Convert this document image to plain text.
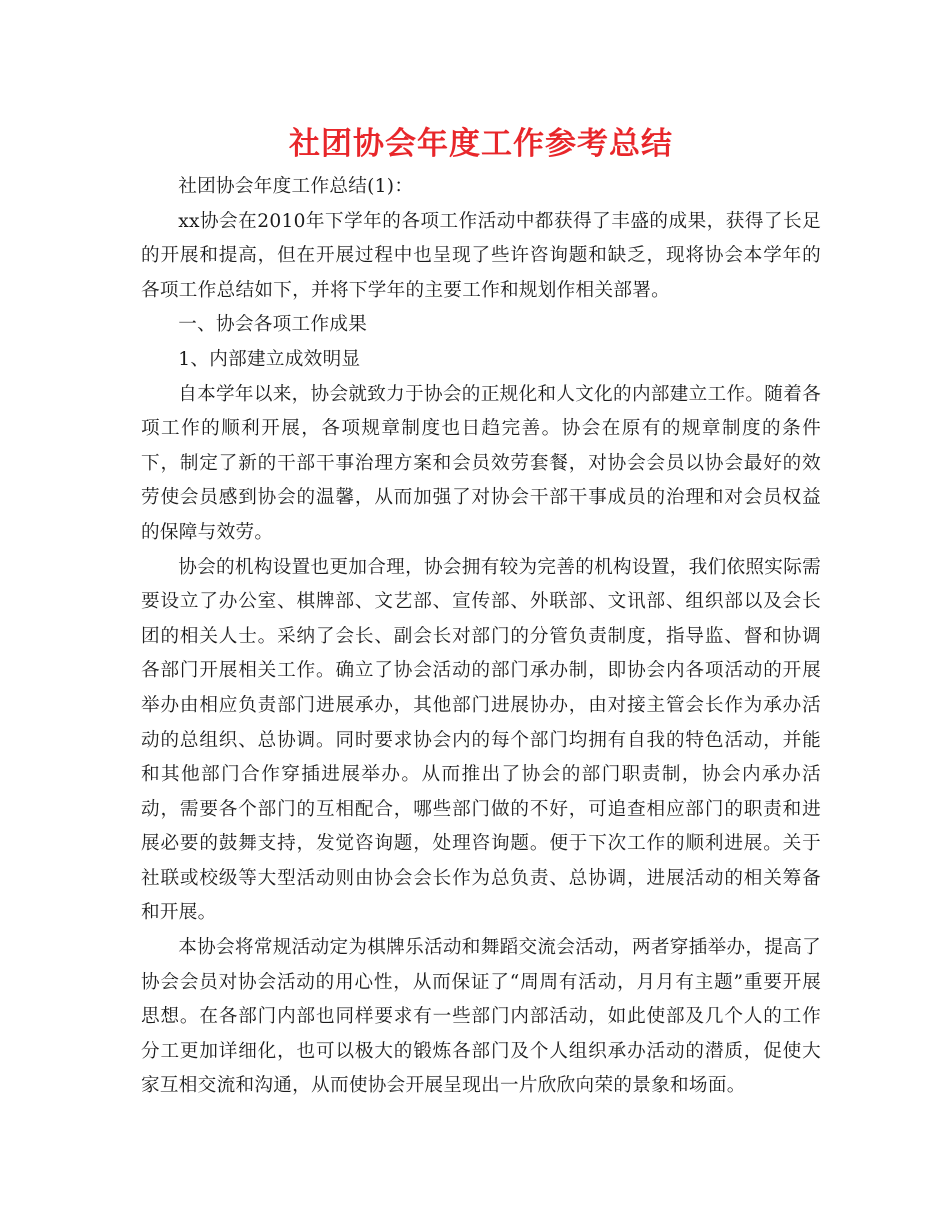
社团协会年度工作参考总结

社团协会年度工作总结(1)：

xx协会在2010年下学年的各项工作活动中都获得了丰盛的成果，获得了长足的开展和提高，但在开展过程中也呈现了些许咨询题和缺乏，现将协会本学年的各项工作总结如下，并将下学年的主要工作和规划作相关部署。

一、协会各项工作成果

1、内部建立成效明显

自本学年以来，协会就致力于协会的正规化和人文化的内部建立工作。随着各项工作的顺利开展，各项规章制度也日趋完善。协会在原有的规章制度的条件下，制定了新的干部干事治理方案和会员效劳套餐，对协会会员以协会最好的效劳使会员感到协会的温馨，从而加强了对协会干部干事成员的治理和对会员权益的保障与效劳。

协会的机构设置也更加合理，协会拥有较为完善的机构设置，我们依照实际需要设立了办公室、棋牌部、文艺部、宣传部、外联部、文讯部、组织部以及会长团的相关人士。采纳了会长、副会长对部门的分管负责制度，指导监、督和协调各部门开展相关工作。确立了协会活动的部门承办制，即协会内各项活动的开展举办由相应负责部门进展承办，其他部门进展协办，由对接主管会长作为承办活动的总组织、总协调。同时要求协会内的每个部门均拥有自我的特色活动，并能和其他部门合作穿插进展举办。从而推出了协会的部门职责制，协会内承办活动，需要各个部门的互相配合，哪些部门做的不好，可追查相应部门的职责和进展必要的鼓舞支持，发觉咨询题，处理咨询题。便于下次工作的顺利进展。关于社联或校级等大型活动则由协会会长作为总负责、总协调，进展活动的相关筹备和开展。

本协会将常规活动定为棋牌乐活动和舞蹈交流会活动，两者穿插举办，提高了协会会员对协会活动的用心性，从而保证了“周周有活动，月月有主题”重要开展思想。在各部门内部也同样要求有一些部门内部活动，如此使部及几个人的工作分工更加详细化，也可以极大的锻炼各部门及个人组织承办活动的潜质，促使大家互相交流和沟通，从而使协会开展呈现出一片欣欣向荣的景象和场面。
